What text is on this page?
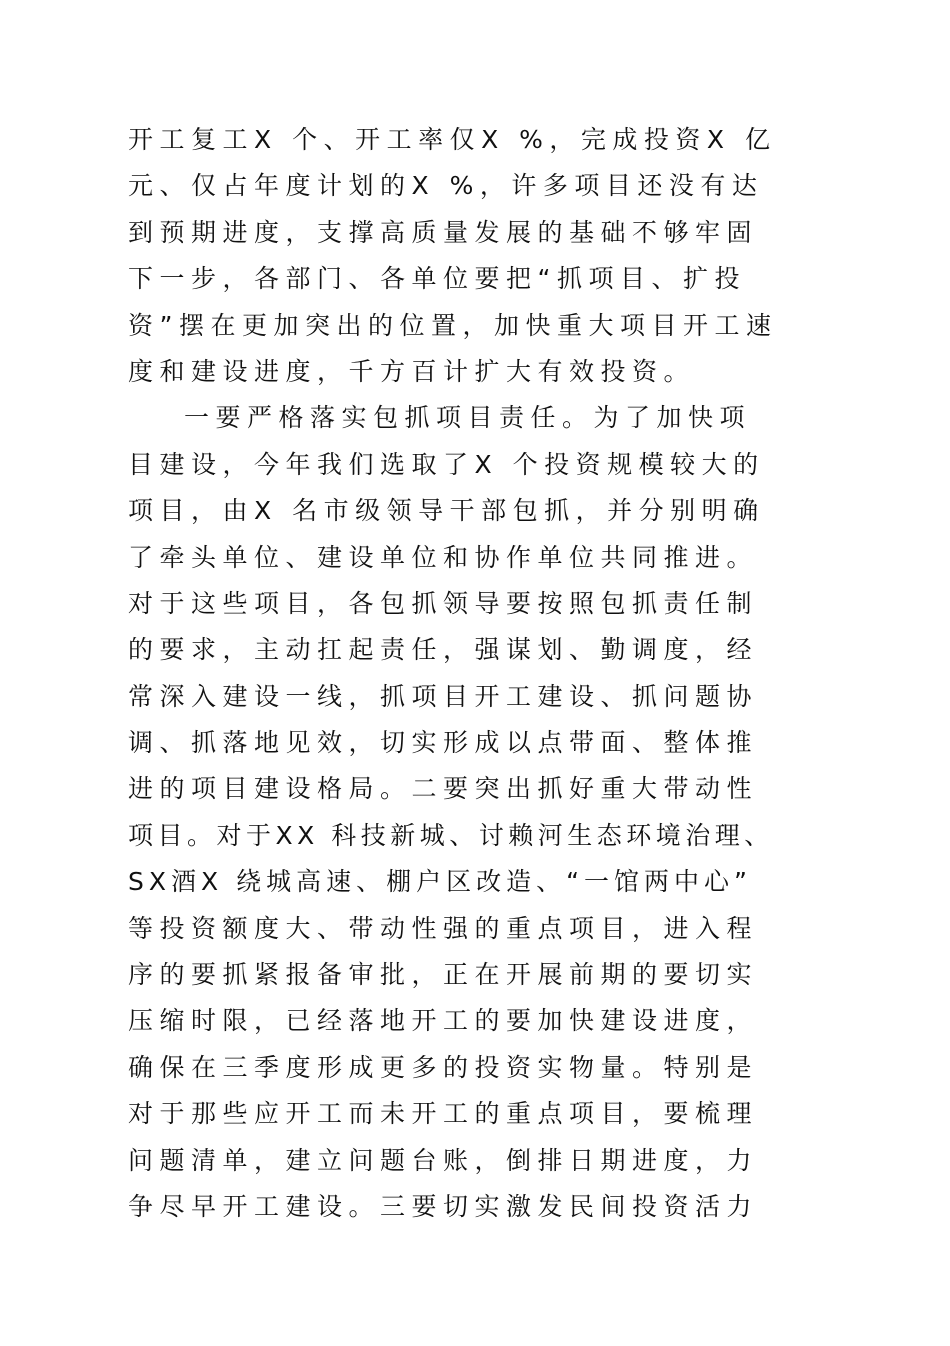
开工复工X 个、开工率仅X %，完成投资X 亿

元、仅占年度计划的X %，许多项目还没有达

到预期进度，支撑高质量发展的基础不够牢固

下一步，各部门、各单位要把“抓项目、扩投

资”摆在更加突出的位置，加快重大项目开工速

度和建设进度，千方百计扩大有效投资。

一要严格落实包抓项目责任。为了加快项

目建设，今年我们选取了X 个投资规模较大的

项目，由X 名市级领导干部包抓，并分别明确

了牵头单位、建设单位和协作单位共同推进。

对于这些项目，各包抓领导要按照包抓责任制

的要求，主动扛起责任，强谋划、勤调度，经

常深入建设一线，抓项目开工建设、抓问题协

调、抓落地见效，切实形成以点带面、整体推

进的项目建设格局。二要突出抓好重大带动性

项目。对于XX 科技新城、讨赖河生态环境治理、

SX酒X 绕城高速、棚户区改造、“一馆两中心”

等投资额度大、带动性强的重点项目，进入程

序的要抓紧报备审批，正在开展前期的要切实

压缩时限，已经落地开工的要加快建设进度，

确保在三季度形成更多的投资实物量。特别是

对于那些应开工而未开工的重点项目，要梳理

问题清单，建立问题台账，倒排日期进度，力

争尽早开工建设。三要切实激发民间投资活力
